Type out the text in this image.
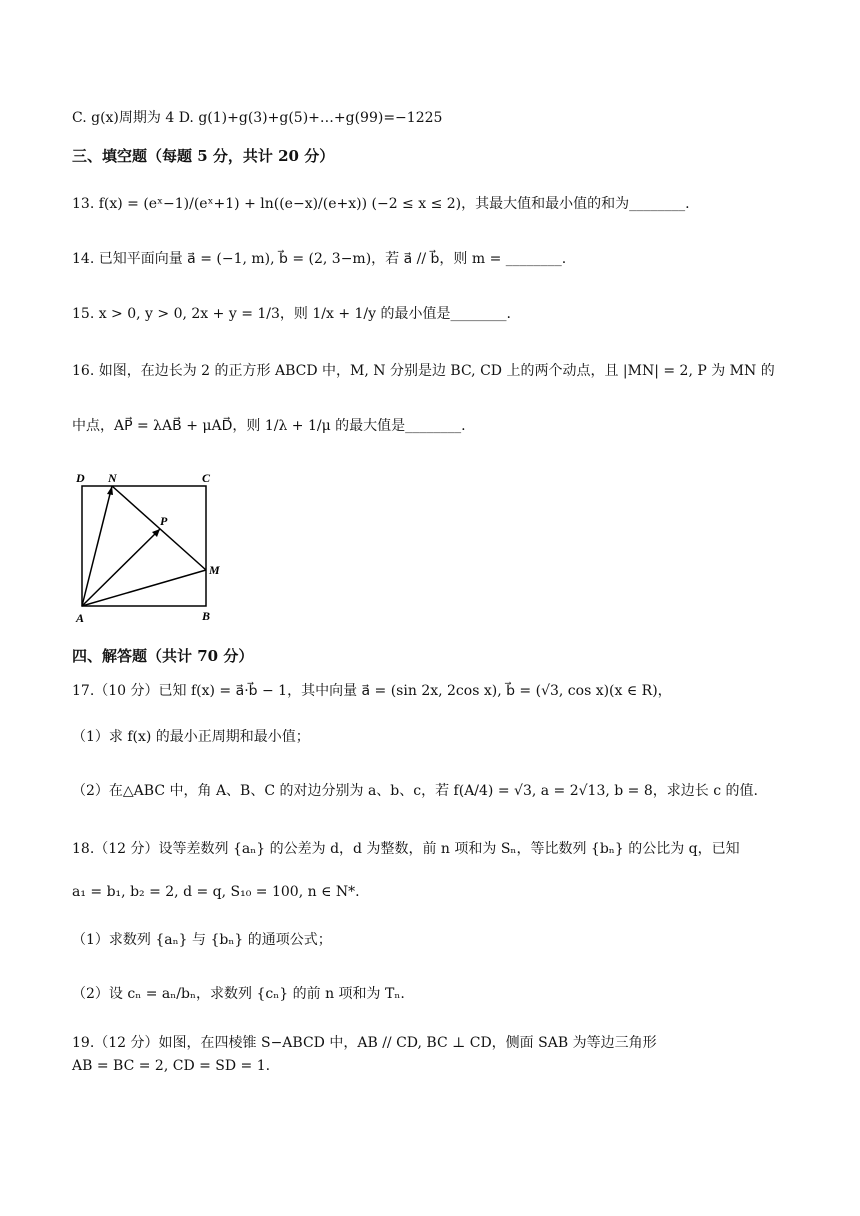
C. g(x)周期为 4 D. g(1)+g(3)+g(5)+…+g(99)=−1225
三、填空题（每题 5 分，共计 20 分）
13. f(x) = (eˣ−1)/(eˣ+1) + ln((e−x)/(e+x)) (−2 ≤ x ≤ 2)，其最大值和最小值的和为________.
14. 已知平面向量 a⃗ = (−1, m), b⃗ = (2, 3−m)，若 a⃗ // b⃗，则 m = ________.
15. x > 0, y > 0, 2x + y = 1/3，则 1/x + 1/y 的最小值是________.
16. 如图，在边长为 2 的正方形 ABCD 中，M, N 分别是边 BC, CD 上的两个动点，且 |MN| = 2, P 为 MN 的
中点，AP⃗ = λAB⃗ + μAD⃗，则 1/λ + 1/μ 的最大值是________.
D N	C
P
M
A	B
四、解答题（共计 70 分）
17.（10 分）已知 f(x) = a⃗·b⃗ − 1，其中向量 a⃗ = (sin 2x, 2cos x), b⃗ = (√3, cos x)(x ∈ R)，
（1）求 f(x) 的最小正周期和最小值；
（2）在△ABC 中，角 A、B、C 的对边分别为 a、b、c，若 f(A/4) = √3, a = 2√13, b = 8，求边长 c 的值.
18.（12 分）设等差数列 {aₙ} 的公差为 d，d 为整数，前 n 项和为 Sₙ，等比数列 {bₙ} 的公比为 q，已知
a₁ = b₁, b₂ = 2, d = q, S₁₀ = 100, n ∈ N*.
（1）求数列 {aₙ} 与 {bₙ} 的通项公式；
（2）设 cₙ = aₙ/bₙ，求数列 {cₙ} 的前 n 项和为 Tₙ.
19.（12 分）如图，在四棱锥 S−ABCD 中，AB // CD, BC ⊥ CD，侧面 SAB 为等边三角形
AB = BC = 2, CD = SD = 1.
